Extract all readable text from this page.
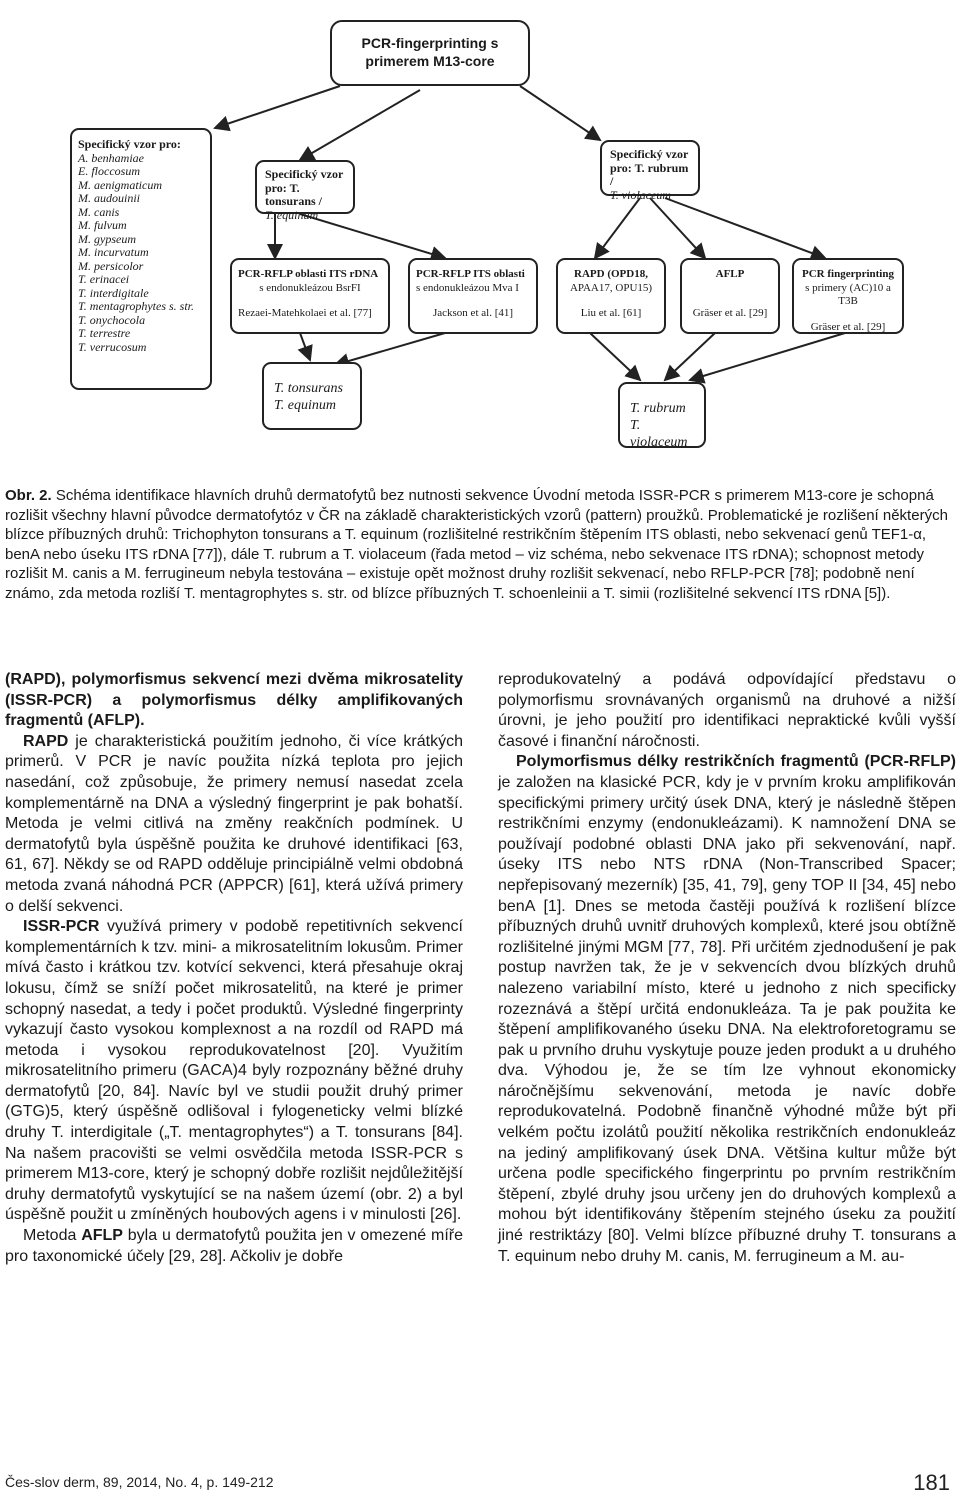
PCR-fingerprinting s
primerem M13-core
Specifický vzor pro:
A. benhamiae
E. floccosum
M. aenigmaticum
M. audouinii
M. canis
M. fulvum
M. gypseum
M. incurvatum
M. persicolor
T. erinacei
T. interdigitale
T. mentagrophytes s. str.
T. onychocola
T. terrestre
T. verrucosum
Specifický vzor
pro: T. tonsurans /
T. equinum
Specifický vzor
pro: T. rubrum /
T. violaceum
PCR-RFLP oblasti ITS rDNA
s endonukleázou BsrFI
Rezaei-Matehkolaei et al. [77]
PCR-RFLP ITS oblasti
s endonukleázou Mva I
Jackson et al. [41]
RAPD (OPD18,
APAA17, OPU15)
Liu et al. [61]
AFLP
Gräser et al. [29]
PCR fingerprinting
s primery (AC)10 a T3B
Gräser et al. [29]
T. tonsurans
T. equinum	T. rubrum
T. violaceum
Obr. 2. Schéma identifikace hlavních druhů dermatofytů bez nutnosti sekvence Úvodní metoda ISSR-PCR s primerem M13-core je schopná rozlišit všechny hlavní původce dermatofytóz v ČR na základě charakteristických vzorů (pattern) proužků. Problematické je rozlišení některých blízce příbuzných druhů: Trichophyton tonsurans a T. equinum (rozlišitelné restrikčním štěpením ITS oblasti, nebo sekvenací genů TEF1-α, benA nebo úseku ITS rDNA [77]), dále T. rubrum a T. violaceum (řada metod – viz schéma, nebo sekvenace ITS rDNA); schopnost metody rozlišit M. canis a M. ferrugineum nebyla testována – existuje opět možnost druhy rozlišit sekvenací, nebo RFLP-PCR [78]; podobně není známo, zda metoda rozliší T. mentagrophytes s. str. od blízce příbuzných T. schoenleinii a T. simii (rozlišitelné sekvencí ITS rDNA [5]).

(RAPD), polymorfismus sekvencí mezi dvěma mikrosatelity (ISSR-PCR) a polymorfismus délky amplifikovaných fragmentů (AFLP).

RAPD je charakteristická použitím jednoho, či více krátkých primerů. V PCR je navíc použita nízká teplota pro jejich nasedání, což způsobuje, že primery nemusí nasedat zcela komplementárně na DNA a výsledný fingerprint je pak bohatší. Metoda je velmi citlivá na změny reakčních podmínek. U dermatofytů byla úspěšně použita ke druhové identifikaci [63, 61, 67]. Někdy se od RAPD odděluje principiálně velmi obdobná metoda zvaná náhodná PCR (APPCR) [61], která užívá primery o delší sekvenci.

ISSR-PCR využívá primery v podobě repetitivních sekvencí komplementárních k tzv. mini- a mikrosatelitním lokusům. Primer mívá často i krátkou tzv. kotvící sekvenci, která přesahuje okraj lokusu, čímž se sníží počet mikrosatelitů, na které je primer schopný nasedat, a tedy i počet produktů. Výsledné fingerprinty vykazují často vysokou komplexnost a na rozdíl od RAPD má metoda i vysokou reprodukovatelnost [20]. Využitím mikrosatelitního primeru (GACA)4 byly rozpoznány běžné druhy dermatofytů [20, 84]. Navíc byl ve studii použit druhý primer (GTG)5, který úspěšně odlišoval i fylogeneticky velmi blízké druhy T. interdigitale („T. mentagrophytes“) a T. tonsurans [84]. Na našem pracovišti se velmi osvědčila metoda ISSR-PCR s primerem M13-core, který je schopný dobře rozlišit nejdůležitější druhy dermatofytů vyskytující se na našem území (obr. 2) a byl úspěšně použit u zmíněných houbových agens i v minulosti [26].

Metoda AFLP byla u dermatofytů použita jen v omezené míře pro taxonomické účely [29, 28]. Ačkoliv je dobře

reprodukovatelný a podává odpovídající představu o polymorfismu srovnávaných organismů na druhové a nižší úrovni, je jeho použití pro identifikaci nepraktické kvůli vyšší časové i finanční náročnosti.

Polymorfismus délky restrikčních fragmentů (PCR-RFLP) je založen na klasické PCR, kdy je v prvním kroku amplifikován specifickými primery určitý úsek DNA, který je následně štěpen restrikčními enzymy (endonukleázami). K namnožení DNA se používají podobné oblasti DNA jako při sekvenování, např. úseky ITS nebo NTS rDNA (Non-Transcribed Spacer; nepřepisovaný mezerník) [35, 41, 79], geny TOP II [34, 45] nebo benA [1]. Dnes se metoda častěji používá k rozlišení blízce příbuzných druhů uvnitř druhových komplexů, které jsou obtížně rozlišitelné jinými MGM [77, 78]. Při určitém zjednodušení je pak postup navržen tak, že je v sekvencích dvou blízkých druhů nalezeno variabilní místo, které u jednoho z nich specificky rozeznává a štěpí určitá endonukleáza. Ta je pak použita ke štěpení amplifikovaného úseku DNA. Na elektroforetogramu se pak u prvního druhu vyskytuje pouze jeden produkt a u druhého dva. Výhodou je, že se tím lze vyhnout ekonomicky náročnějšímu sekvenování, metoda je navíc dobře reprodukovatelná. Podobně finančně výhodné může být při velkém počtu izolátů použití několika restrikčních endonukleáz na jediný amplifikovaný úsek DNA. Většina kultur může být určena podle specifického fingerprintu po prvním restrikčním štěpení, zbylé druhy jsou určeny jen do druhových komplexů a mohou být identifikovány štěpením stejného úseku za použití jiné restriktázy [80]. Velmi blízce příbuzné druhy T. tonsurans a T. equinum nebo druhy M. canis, M. ferrugineum a M. au-

Čes-slov derm, 89, 2014, No. 4, p. 149-212	181
